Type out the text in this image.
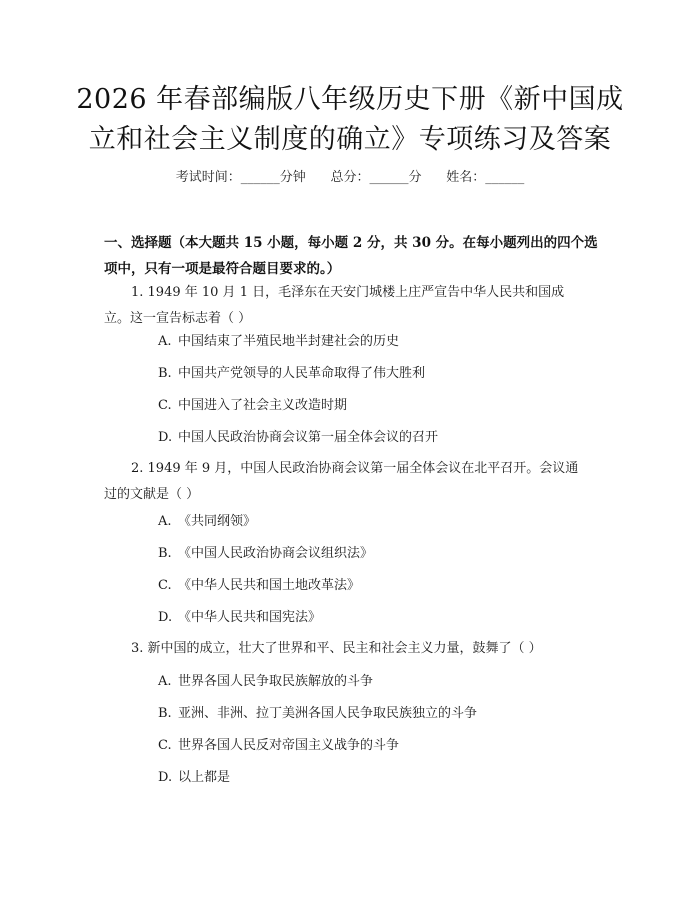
2026 年春部编版八年级历史下册《新中国成
立和社会主义制度的确立》专项练习及答案
考试时间：______分钟      总分：______分      姓名：______
一、选择题（本大题共 15 小题，每小题 2 分，共 30 分。在每小题列出的四个选
项中，只有一项是最符合题目要求的。）
1. 1949 年 10 月 1 日，毛泽东在天安门城楼上庄严宣告中华人民共和国成
立。这一宣告标志着（ ）
A. 中国结束了半殖民地半封建社会的历史
B. 中国共产党领导的人民革命取得了伟大胜利
C. 中国进入了社会主义改造时期
D. 中国人民政治协商会议第一届全体会议的召开
2. 1949 年 9 月，中国人民政治协商会议第一届全体会议在北平召开。会议通
过的文献是（ ）
A. 《共同纲领》
B. 《中国人民政治协商会议组织法》
C. 《中华人民共和国土地改革法》
D. 《中华人民共和国宪法》
3. 新中国的成立，壮大了世界和平、民主和社会主义力量，鼓舞了（ ）
A. 世界各国人民争取民族解放的斗争
B. 亚洲、非洲、拉丁美洲各国人民争取民族独立的斗争
C. 世界各国人民反对帝国主义战争的斗争
D. 以上都是
